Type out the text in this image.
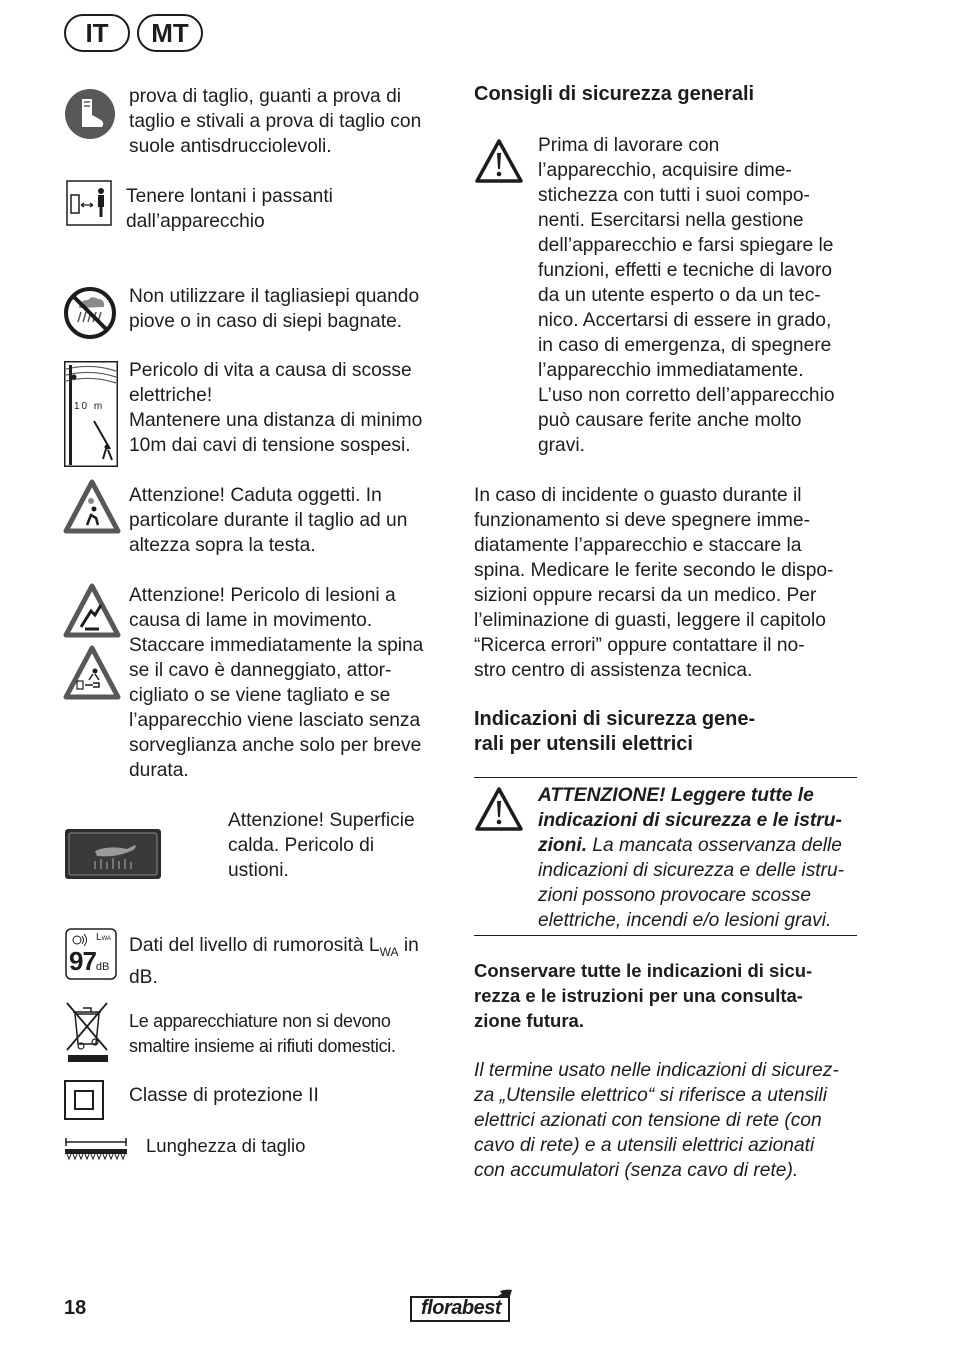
IT	MT
prova di taglio, guanti a prova di
taglio e stivali a prova di taglio con
suole antisdrucciolevoli.
Tenere lontani i passanti
dall’apparecchio
Non utilizzare il tagliasiepi quando
piove o in caso di siepi bagnate.
10 m
Pericolo di vita a causa di scosse
elettriche!
Mantenere una distanza di minimo
10m dai cavi di tensione sospesi.
Attenzione! Caduta oggetti. In
particolare durante il taglio ad un
altezza sopra la testa.
Attenzione! Pericolo di lesioni a
causa di lame in movimento.
Staccare immediatamente la spina
se il cavo è danneggiato, attor-
cigliato o se viene tagliato e se
l’apparecchio viene lasciato senza
sorveglianza anche solo per breve
durata.
Attenzione! Superficie
calda. Pericolo di
ustioni.
LWA
97dB
Dati del livello di rumorosità $L_{WA}$ in
dB.
Le apparecchiature non si devono
smaltire insieme ai rifiuti domestici.
Classe di protezione II
Lunghezza di taglio
Consigli di sicurezza generali
Prima di lavorare con
l’apparecchio, acquisire dime-
stichezza con tutti i suoi compo-
nenti. Esercitarsi nella gestione
dell’apparecchio e farsi spiegare le
funzioni, effetti e tecniche di lavoro
da un utente esperto o da un tec-
nico. Accertarsi di essere in grado,
in caso di emergenza, di spegnere
l’apparecchio immediatamente.
L’uso non corretto dell’apparecchio
può causare ferite anche molto
gravi.
In caso di incidente o guasto durante il
funzionamento si deve spegnere imme-
diatamente l’apparecchio e staccare la
spina. Medicare le ferite secondo le dispo-
sizioni oppure recarsi da un medico. Per
l’eliminazione di guasti, leggere il capitolo
“Ricerca errori” oppure contattare il no-
stro centro di assistenza tecnica.
Indicazioni di sicurezza gene-
rali per utensili elettrici
ATTENZIONE! Leggere tutte le
indicazioni di sicurezza e le istru-
zioni. La mancata osservanza delle
indicazioni di sicurezza e delle istru-
zioni possono provocare scosse
elettriche, incendi e/o lesioni gravi.
Conservare tutte le indicazioni di sicu-
rezza e le istruzioni per una consulta-
zione futura.
Il termine usato nelle indicazioni di sicurez-
za „Utensile elettrico“ si riferisce a utensili
elettrici azionati con tensione di rete (con
cavo di rete) e a utensili elettrici azionati
con accumulatori (senza cavo di rete).
18	florabest
